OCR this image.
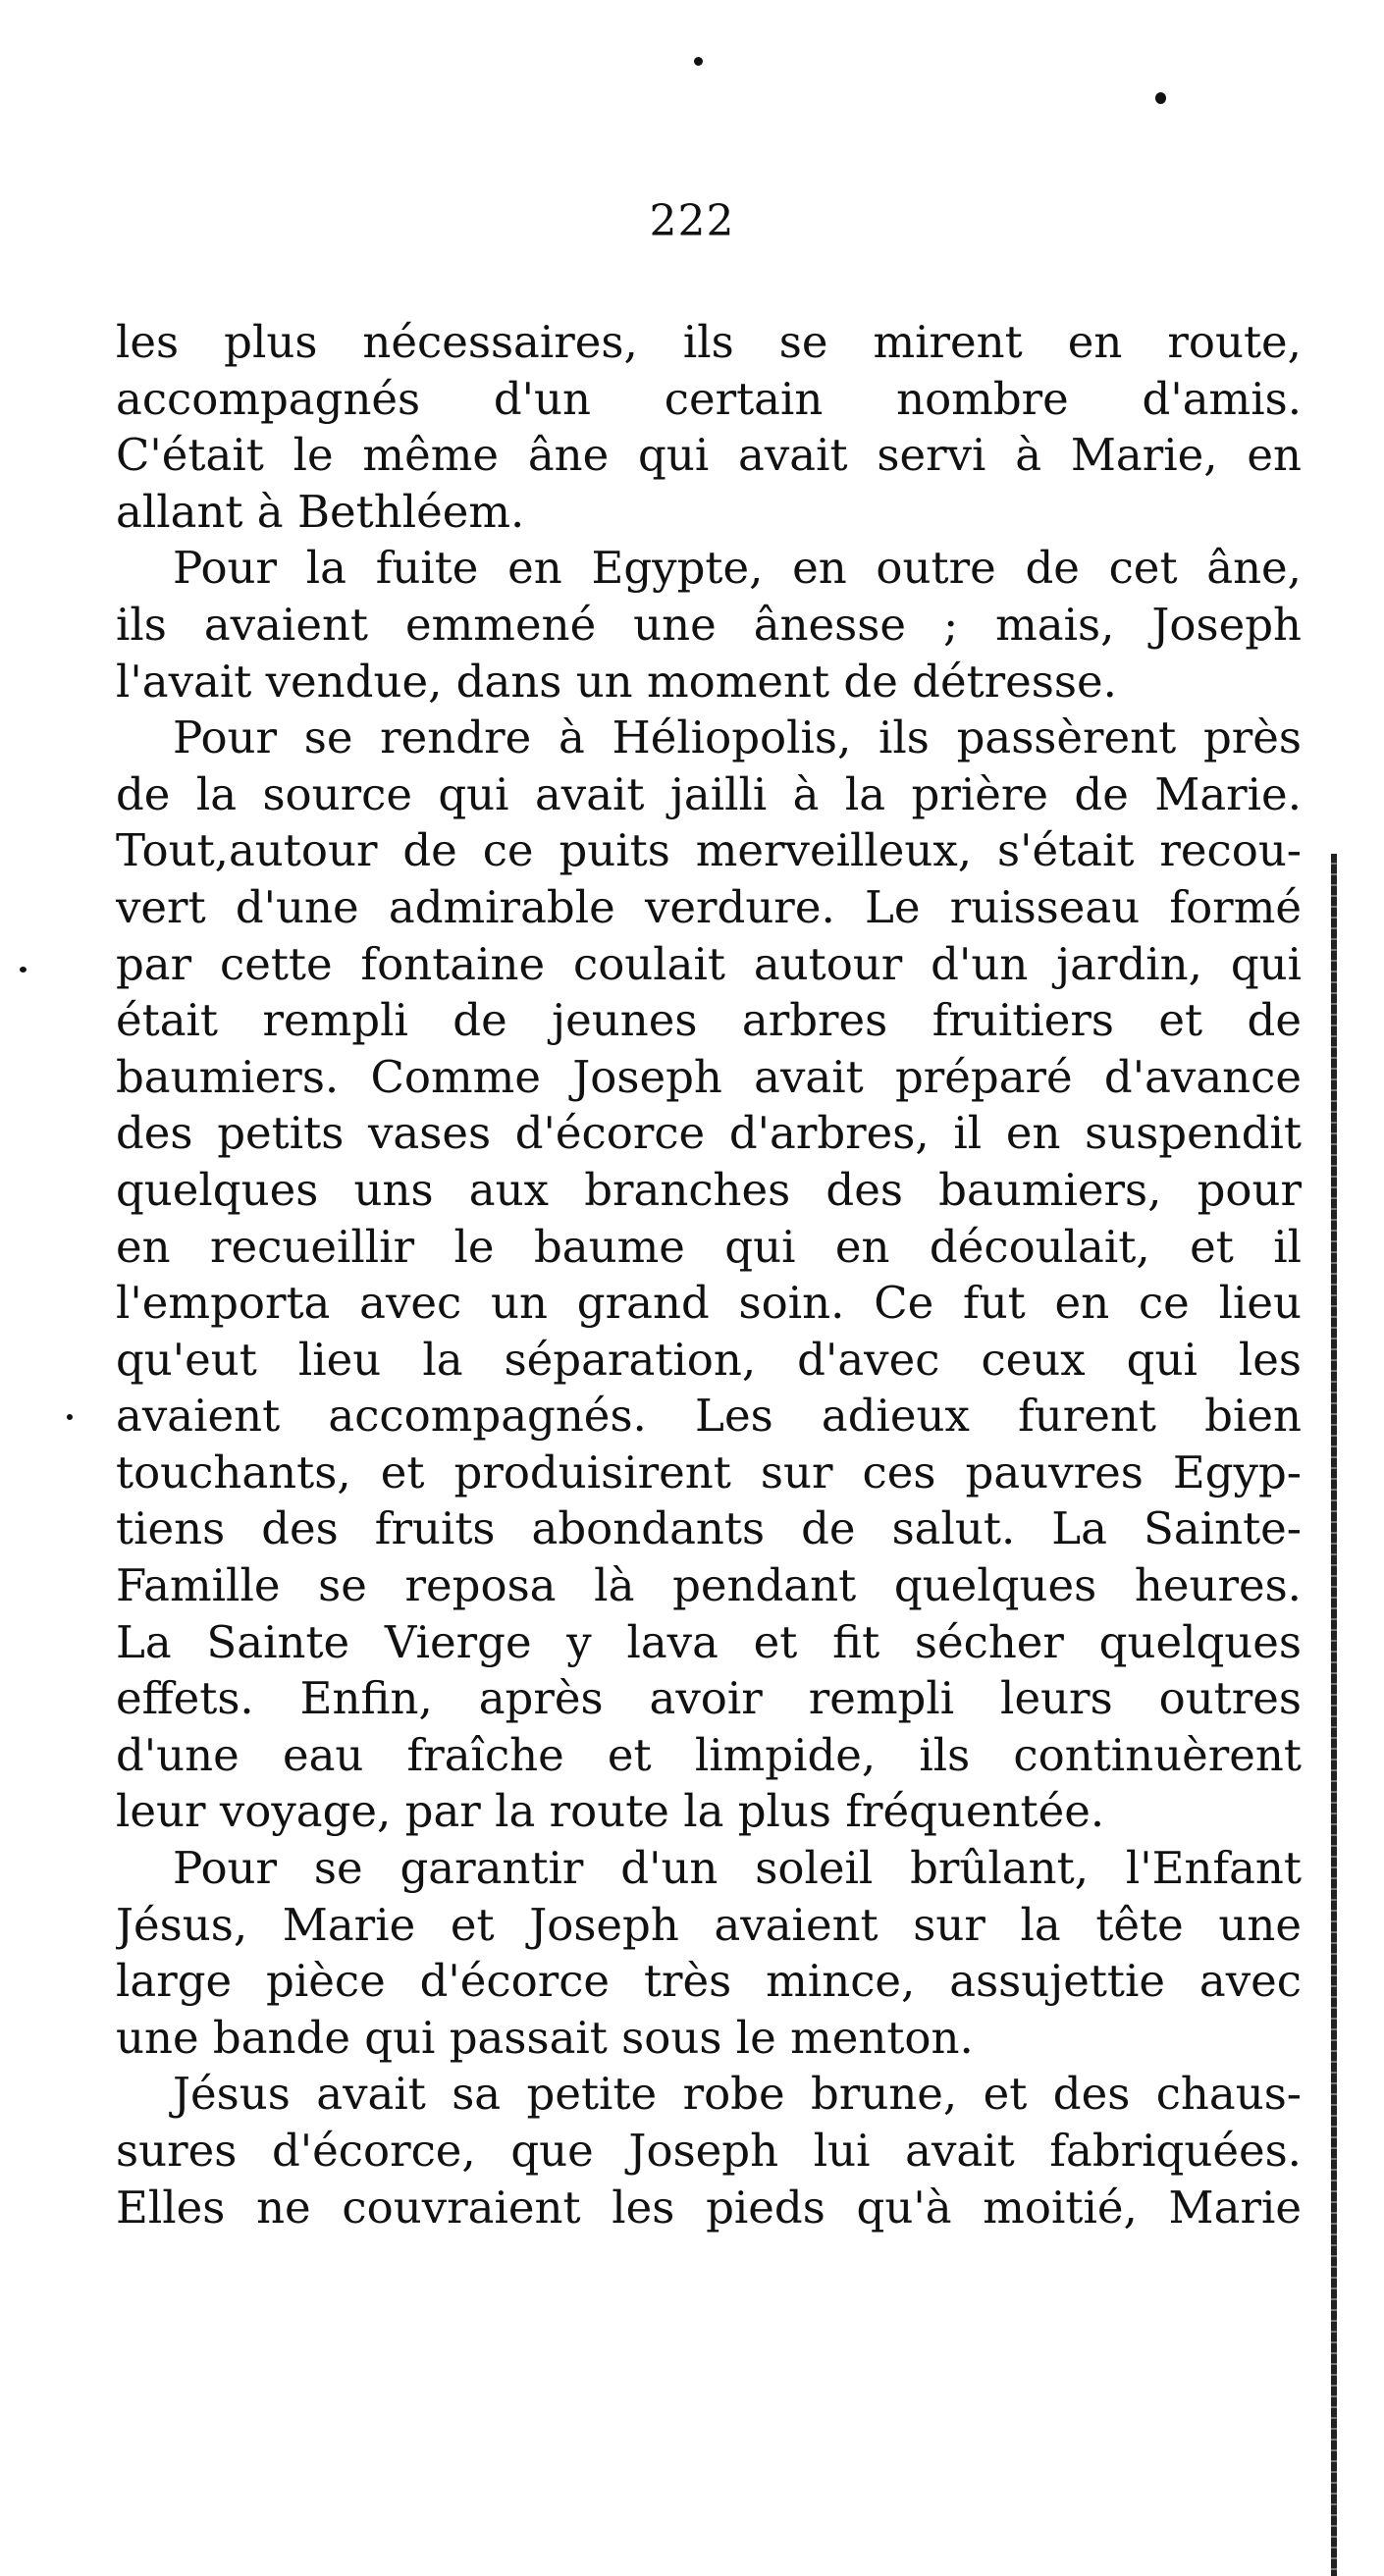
222
les plus nécessaires, ils se mirent en route,
accompagnés d'un certain nombre d'amis.
C'était le même âne qui avait servi à Marie, en
allant à Bethléem.
Pour la fuite en Egypte, en outre de cet âne,
ils avaient emmené une ânesse ; mais, Joseph
l'avait vendue, dans un moment de détresse.
Pour se rendre à Héliopolis, ils passèrent près
de la source qui avait jailli à la prière de Marie.
Tout,autour de ce puits merveilleux, s'était recou-
vert d'une admirable verdure. Le ruisseau formé
par cette fontaine coulait autour d'un jardin, qui
était rempli de jeunes arbres fruitiers et de
baumiers. Comme Joseph avait préparé d'avance
des petits vases d'écorce d'arbres, il en suspendit
quelques uns aux branches des baumiers, pour
en recueillir le baume qui en découlait, et il
l'emporta avec un grand soin. Ce fut en ce lieu
qu'eut lieu la séparation, d'avec ceux qui les
avaient accompagnés. Les adieux furent bien
touchants, et produisirent sur ces pauvres Egyp-
tiens des fruits abondants de salut. La Sainte-
Famille se reposa là pendant quelques heures.
La Sainte Vierge y lava et fit sécher quelques
effets. Enfin, après avoir rempli leurs outres
d'une eau fraîche et limpide, ils continuèrent
leur voyage, par la route la plus fréquentée.
Pour se garantir d'un soleil brûlant, l'Enfant
Jésus, Marie et Joseph avaient sur la tête une
large pièce d'écorce très mince, assujettie avec
une bande qui passait sous le menton.
Jésus avait sa petite robe brune, et des chaus-
sures d'écorce, que Joseph lui avait fabriquées.
Elles ne couvraient les pieds qu'à moitié, Marie
